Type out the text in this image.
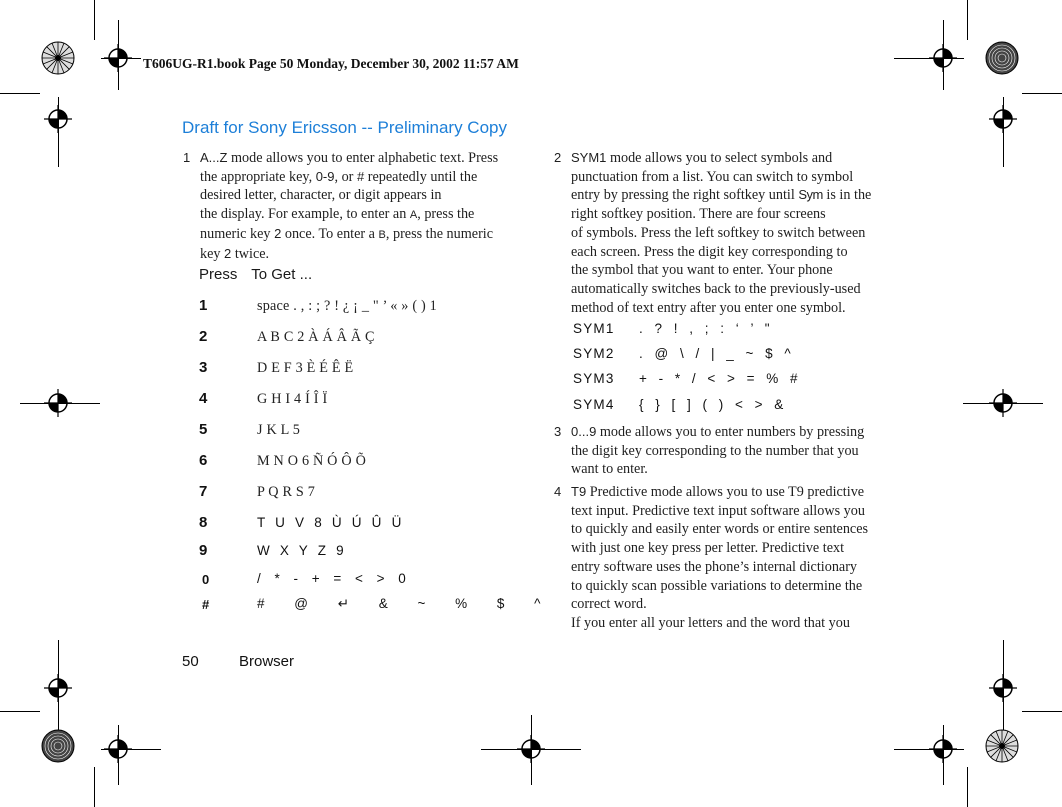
T606UG-R1.book Page 50 Monday, December 30, 2002 11:57 AM
Draft for Sony Ericsson -- Preliminary Copy
1 A...Z mode allows you to enter alphabetic text. Press
the appropriate key, 0-9, or # repeatedly until the
desired letter, character, or digit appears in
the display. For example, to enter an A, press the
numeric key 2 once. To enter a B, press the numeric
key 2 twice.
Press To Get ...
1	space . , : ; ? ! ¿ ¡ _ " ’ « » ( ) 1
2	A B C 2 À Á Â Ã Ç
3	D E F 3 È É Ê Ë
4	G H I 4 Í Î Ï
5	J K L 5
6	M N O 6 Ñ Ó Ô Õ
7	P Q R S 7
8	T U V 8 Ù Ú Û Ü
9	W X Y Z 9
0	/ * - + = < > 0
#	# @ ↵ & ~ % $ ^
2 SYM1 mode allows you to select symbols and
punctuation from a list. You can switch to symbol
entry by pressing the right softkey until Sym is in the
right softkey position. There are four screens
of symbols. Press the left softkey to switch between
each screen. Press the digit key corresponding to
the symbol that you want to enter. Your phone
automatically switches back to the previously-used
method of text entry after you enter one symbol.
SYM1 . ? ! , ; : ‘ ’ "
SYM2 . @ \ / | _ ~ $ ^
SYM3 + - * / < > = % #
SYM4 { } [ ] ( ) < > &
3 0...9 mode allows you to enter numbers by pressing
the digit key corresponding to the number that you
want to enter.
4 T9 Predictive mode allows you to use T9 predictive
text input. Predictive text input software allows you
to quickly and easily enter words or entire sentences
with just one key press per letter. Predictive text
entry software uses the phone’s internal dictionary
to quickly scan possible variations to determine the
correct word.
If you enter all your letters and the word that you
50	Browser
